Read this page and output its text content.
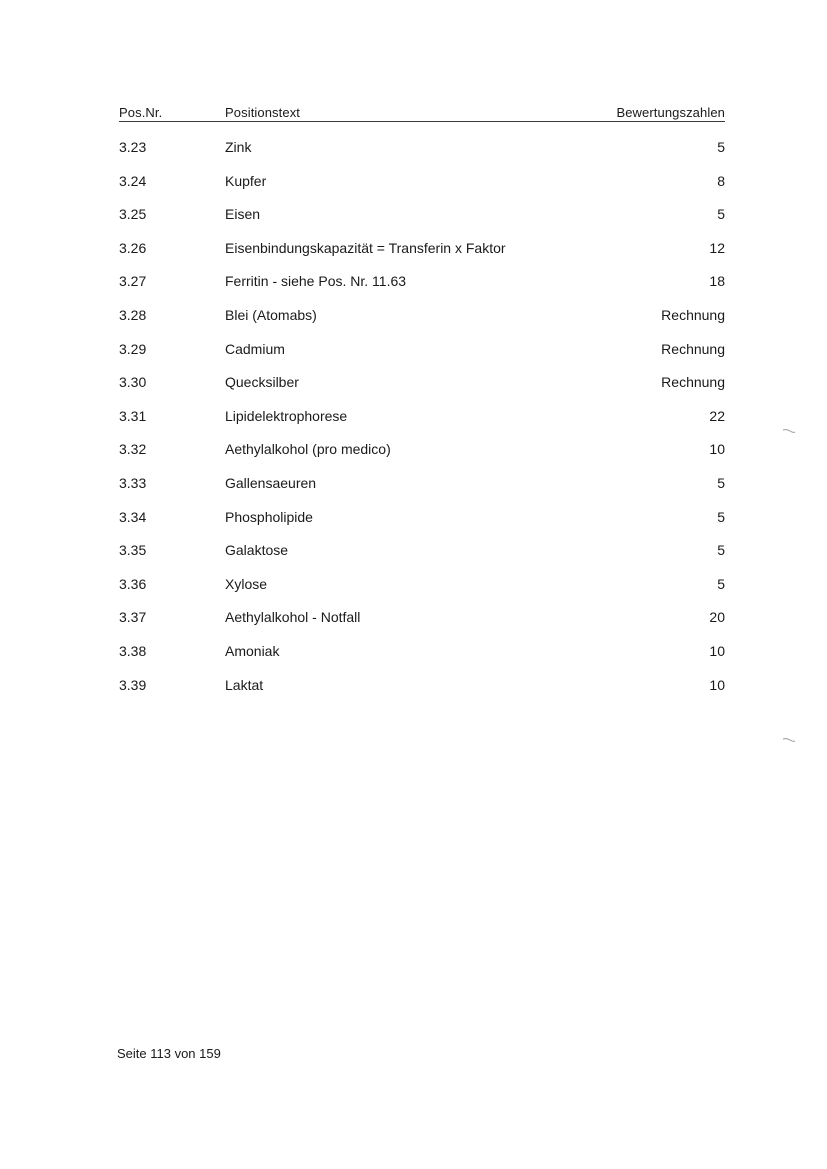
Pos.Nr.	Positionstext	Bewertungszahlen
3.23	Zink	5
3.24	Kupfer	8
3.25	Eisen	5
3.26	Eisenbindungskapazität = Transferin x Faktor	12
3.27	Ferritin - siehe Pos. Nr. 11.63	18
3.28	Blei (Atomabs)	Rechnung
3.29	Cadmium	Rechnung
3.30	Quecksilber	Rechnung
3.31	Lipidelektrophorese	22
3.32	Aethylalkohol (pro medico)	10
3.33	Gallensaeuren	5
3.34	Phospholipide	5
3.35	Galaktose	5
3.36	Xylose	5
3.37	Aethylalkohol - Notfall	20
3.38	Amoniak	10
3.39	Laktat	10
Seite 113 von 159
